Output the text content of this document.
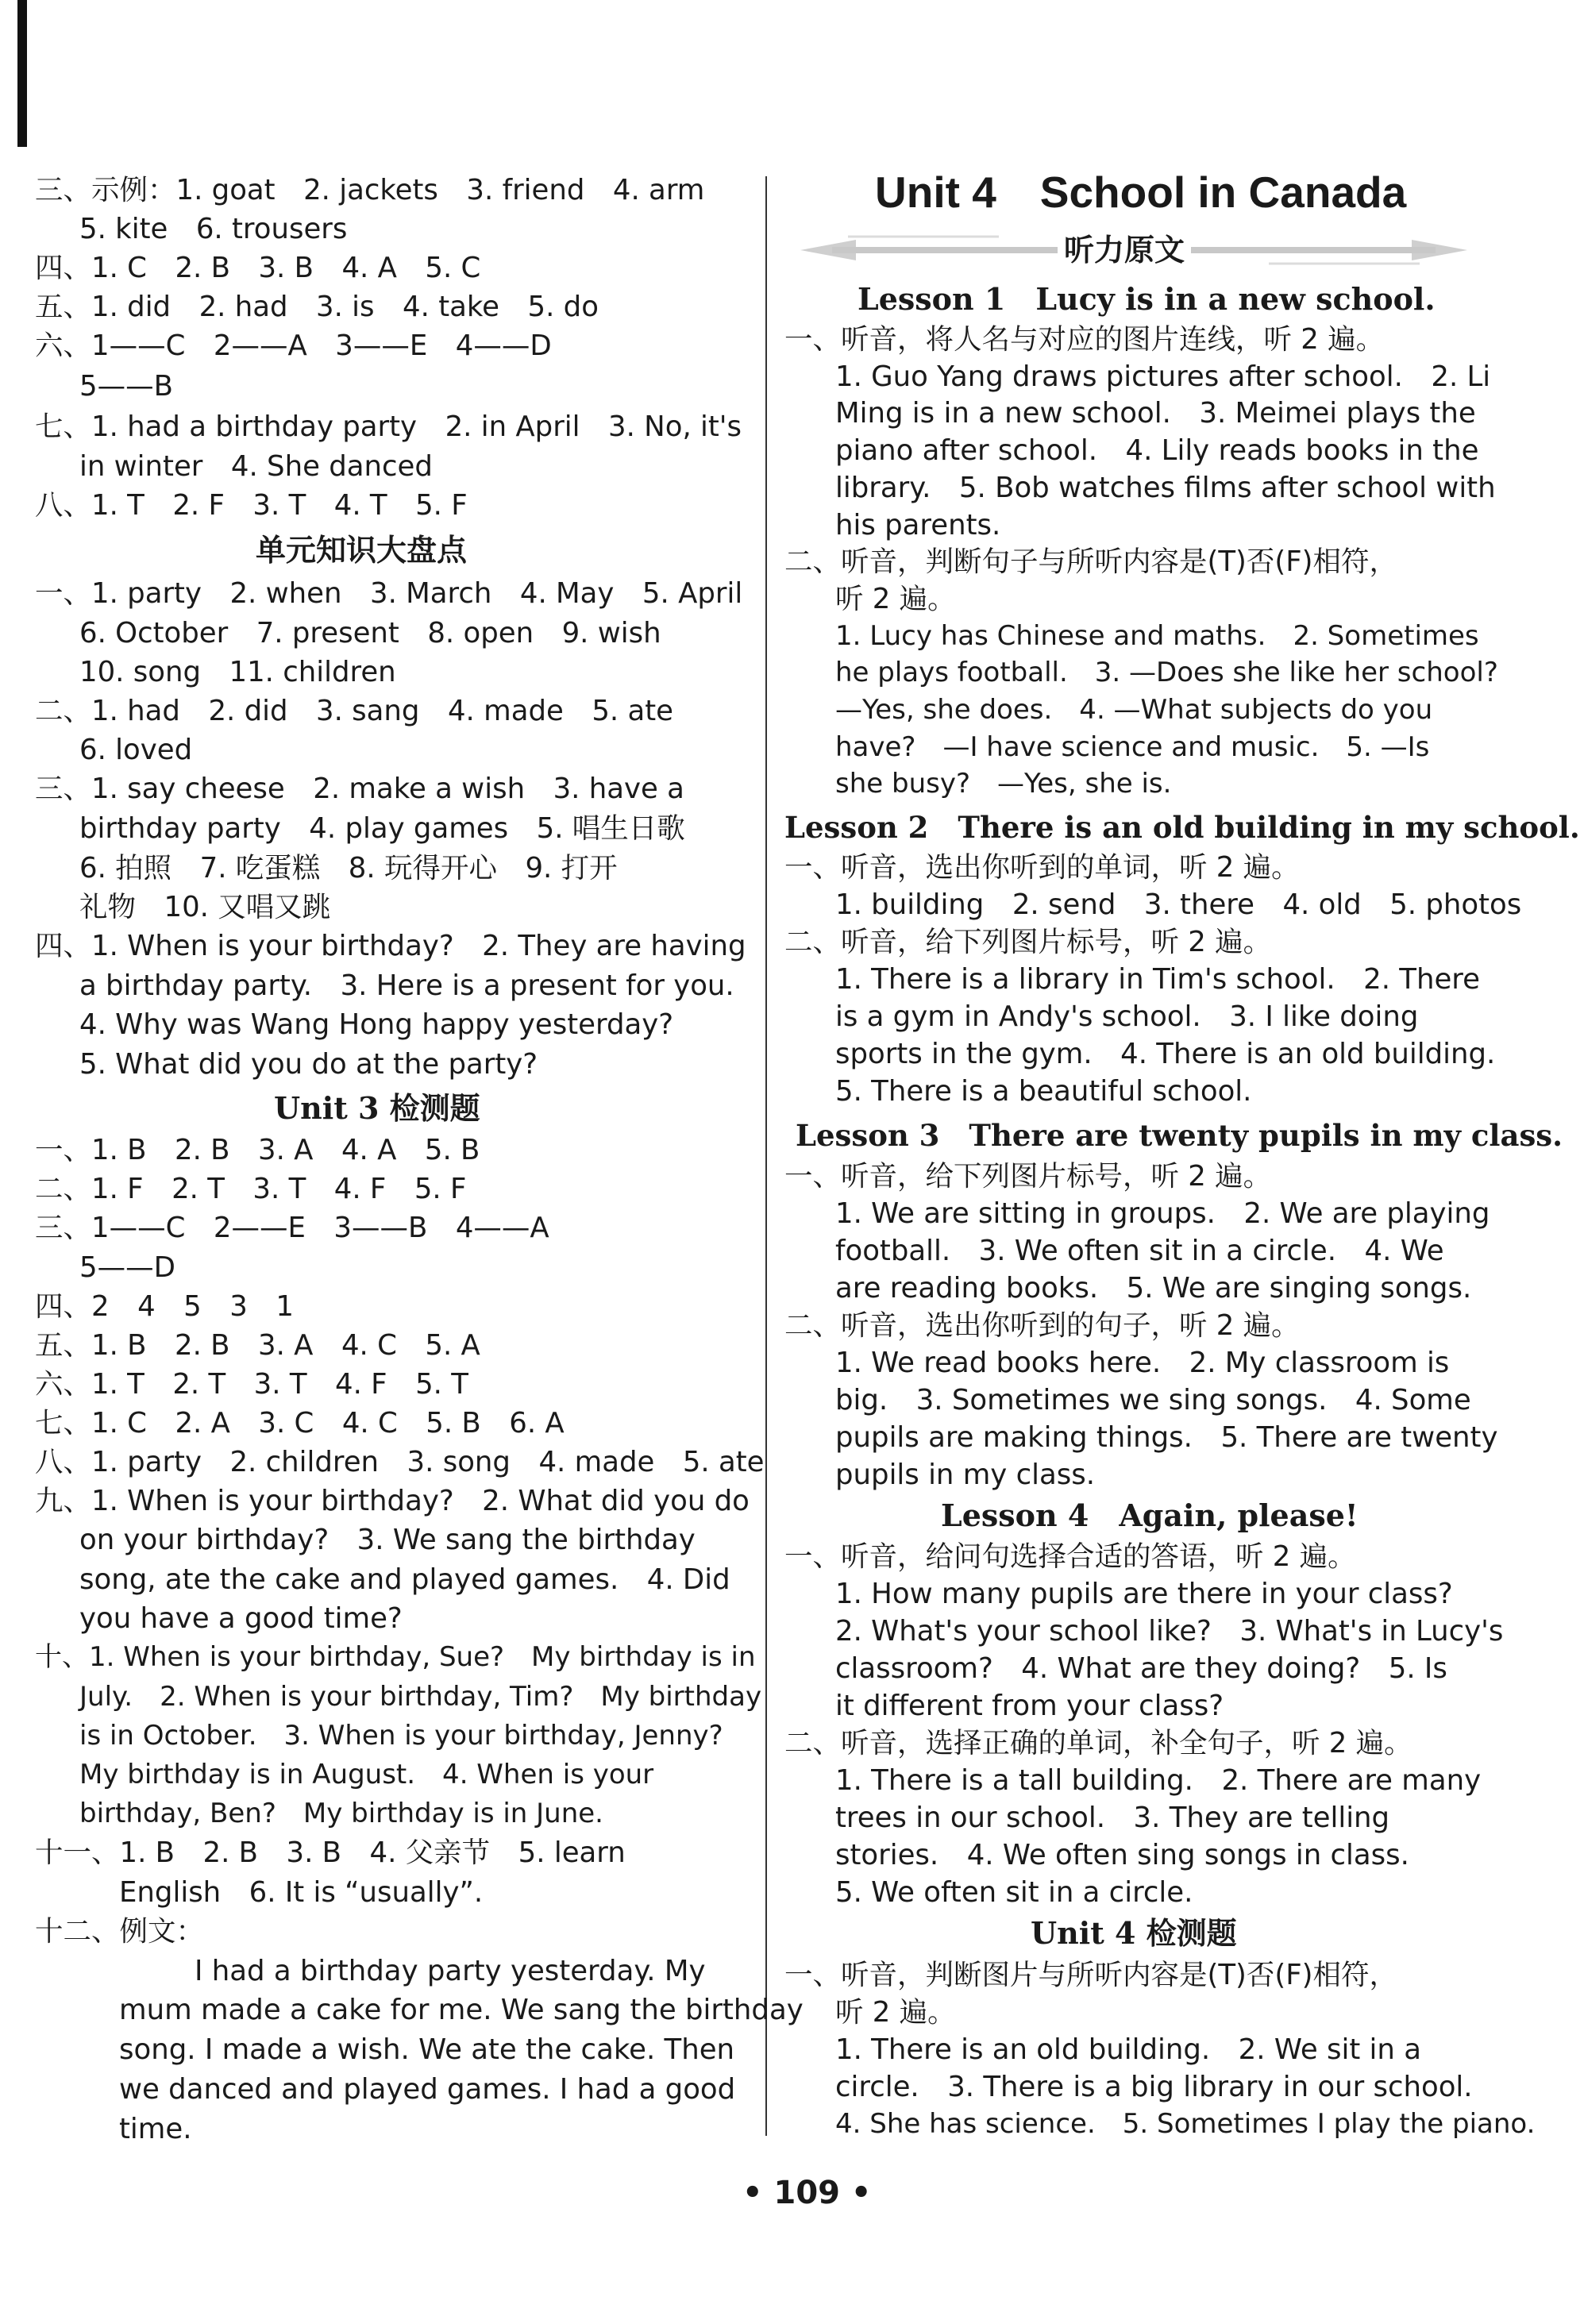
三、示例：1. goat　2. jackets　3. friend　4. arm
5. kite　6. trousers
四、1. C　2. B　3. B　4. A　5. C
五、1. did　2. had　3. is　4. take　5. do
六、1——C　2——A　3——E　4——D
5——B
七、1. had a birthday party　2. in April　3. No, it's
in winter　4. She danced
八、1. T　2. F　3. T　4. T　5. F
单元知识大盘点
一、1. party　2. when　3. March　4. May　5. April
6. October　7. present　8. open　9. wish
10. song　11. children
二、1. had　2. did　3. sang　4. made　5. ate
6. loved
三、1. say cheese　2. make a wish　3. have a
birthday party　4. play games　5. 唱生日歌
6. 拍照　7. 吃蛋糕　8. 玩得开心　9. 打开
礼物　10. 又唱又跳
四、1. When is your birthday?　2. They are having
a birthday party.　3. Here is a present for you.
4. Why was Wang Hong happy yesterday?
5. What did you do at the party?
Unit 3 检测题
一、1. B　2. B　3. A　4. A　5. B
二、1. F　2. T　3. T　4. F　5. F
三、1——C　2——E　3——B　4——A
5——D
四、2　4　5　3　1
五、1. B　2. B　3. A　4. C　5. A
六、1. T　2. T　3. T　4. F　5. T
七、1. C　2. A　3. C　4. C　5. B　6. A
八、1. party　2. children　3. song　4. made　5. ate
九、1. When is your birthday?　2. What did you do
on your birthday?　3. We sang the birthday
song, ate the cake and played games.　4. Did
you have a good time?
十、1. When is your birthday, Sue?　My birthday is in
July.　2. When is your birthday, Tim?　My birthday
is in October.　3. When is your birthday, Jenny?
My birthday is in August.　4. When is your
birthday, Ben?　My birthday is in June.
十一、1. B　2. B　3. B　4. 父亲节　5. learn
English　6. It is “usually”.
十二、例文：
I had a birthday party yesterday. My
mum made a cake for me. We sang the birthday
song. I made a wish. We ate the cake. Then
we danced and played games. I had a good
time.
Unit 4　School in Canada
听力原文
Lesson 1　Lucy is in a new school.
一、听音，将人名与对应的图片连线，听 2 遍。
1. Guo Yang draws pictures after school.　2. Li
Ming is in a new school.　3. Meimei plays the
piano after school.　4. Lily reads books in the
library.　5. Bob watches films after school with
his parents.
二、听音，判断句子与所听内容是(T)否(F)相符，
听 2 遍。
1. Lucy has Chinese and maths.　2. Sometimes
he plays football.　3. —Does she like her school?
—Yes, she does.　4. —What subjects do you
have?　—I have science and music.　5. —Is
she busy?　—Yes, she is.
Lesson 2　There is an old building in my school.
一、听音，选出你听到的单词，听 2 遍。
1. building　2. send　3. there　4. old　5. photos
二、听音，给下列图片标号，听 2 遍。
1. There is a library in Tim's school.　2. There
is a gym in Andy's school.　3. I like doing
sports in the gym.　4. There is an old building.
5. There is a beautiful school.
Lesson 3　There are twenty pupils in my class.
一、听音，给下列图片标号，听 2 遍。
1. We are sitting in groups.　2. We are playing
football.　3. We often sit in a circle.　4. We
are reading books.　5. We are singing songs.
二、听音，选出你听到的句子，听 2 遍。
1. We read books here.　2. My classroom is
big.　3. Sometimes we sing songs.　4. Some
pupils are making things.　5. There are twenty
pupils in my class.
Lesson 4　Again, please!
一、听音，给问句选择合适的答语，听 2 遍。
1. How many pupils are there in your class?
2. What's your school like?　3. What's in Lucy's
classroom?　4. What are they doing?　5. Is
it different from your class?
二、听音，选择正确的单词，补全句子，听 2 遍。
1. There is a tall building.　2. There are many
trees in our school.　3. They are telling
stories.　4. We often sing songs in class.
5. We often sit in a circle.
Unit 4 检测题
一、听音，判断图片与所听内容是(T)否(F)相符，
听 2 遍。
1. There is an old building.　2. We sit in a
circle.　3. There is a big library in our school.
4. She has science.　5. Sometimes I play the piano.
• 109 •
